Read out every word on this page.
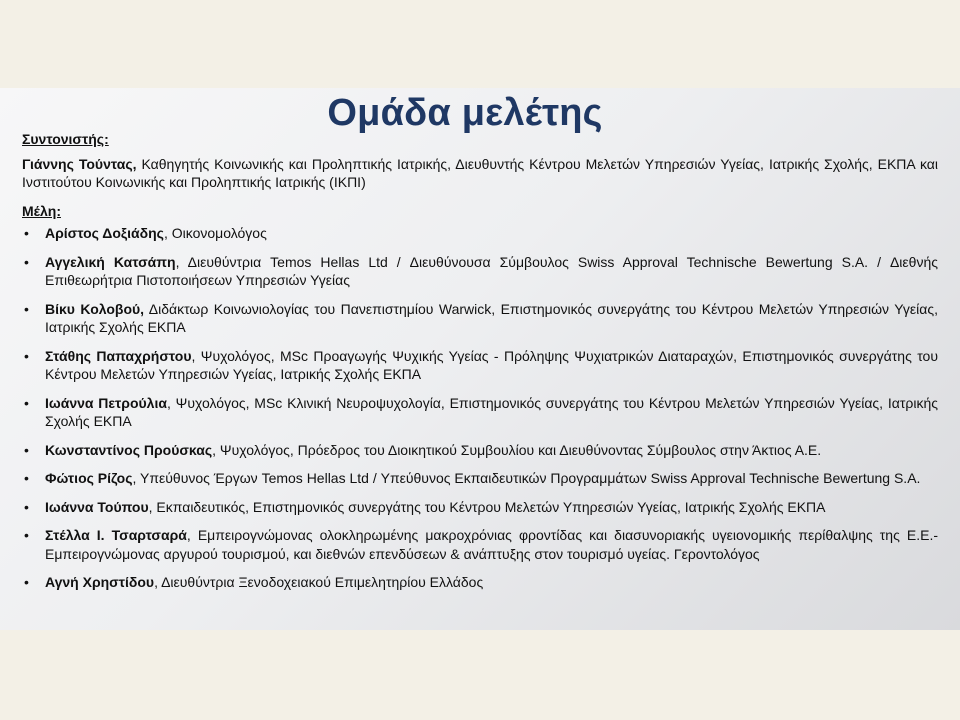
Ομάδα μελέτης

Συντονιστής:

Γιάννης Τούντας, Καθηγητής Κοινωνικής και Προληπτικής Ιατρικής, Διευθυντής Κέντρου Μελετών Υπηρεσιών Υγείας, Ιατρικής Σχολής, ΕΚΠΑ και Ινστιτούτου Κοινωνικής και Προληπτικής Ιατρικής (ΙΚΠΙ)

Μέλη:

• Αρίστος Δοξιάδης, Οικονομολόγος
• Αγγελική Κατσάπη, Διευθύντρια Temos Hellas Ltd / Διευθύνουσα Σύμβουλος Swiss Approval Technische Bewertung S.A. / Διεθνής Επιθεωρήτρια Πιστοποιήσεων Υπηρεσιών Υγείας
• Βίκυ Κολοβού, Διδάκτωρ Κοινωνιολογίας του Πανεπιστημίου Warwick, Επιστημονικός συνεργάτης του Κέντρου Μελετών Υπηρεσιών Υγείας, Ιατρικής Σχολής ΕΚΠΑ
• Στάθης Παπαχρήστου, Ψυχολόγος, MSc Προαγωγής Ψυχικής Υγείας - Πρόληψης Ψυχιατρικών Διαταραχών, Επιστημονικός συνεργάτης του Κέντρου Μελετών Υπηρεσιών Υγείας, Ιατρικής Σχολής ΕΚΠΑ
• Ιωάννα Πετρούλια, Ψυχολόγος, MSc Κλινική Νευροψυχολογία, Επιστημονικός συνεργάτης του Κέντρου Μελετών Υπηρεσιών Υγείας, Ιατρικής Σχολής ΕΚΠΑ
• Κωνσταντίνος Προύσκας, Ψυχολόγος, Πρόεδρος του Διοικητικού Συμβουλίου και Διευθύνοντας Σύμβουλος στην Άκτιος Α.Ε.
• Φώτιος Ρίζος, Υπεύθυνος Έργων Temos Hellas Ltd / Υπεύθυνος Εκπαιδευτικών Προγραμμάτων Swiss Approval Technische Bewertung S.A.
• Ιωάννα Τούπου, Εκπαιδευτικός, Επιστημονικός συνεργάτης του Κέντρου Μελετών Υπηρεσιών Υγείας, Ιατρικής Σχολής ΕΚΠΑ
• Στέλλα Ι. Τσαρτσαρά, Εμπειρογνώμονας ολοκληρωμένης μακροχρόνιας φροντίδας και διασυνοριακής υγειονομικής περίθαλψης της Ε.Ε.- Εμπειρογνώμονας αργυρού τουρισμού, και διεθνών επενδύσεων & ανάπτυξης στον τουρισμό υγείας. Γεροντολόγος
• Αγνή Χρηστίδου, Διευθύντρια Ξενοδοχειακού Επιμελητηρίου Ελλάδος
